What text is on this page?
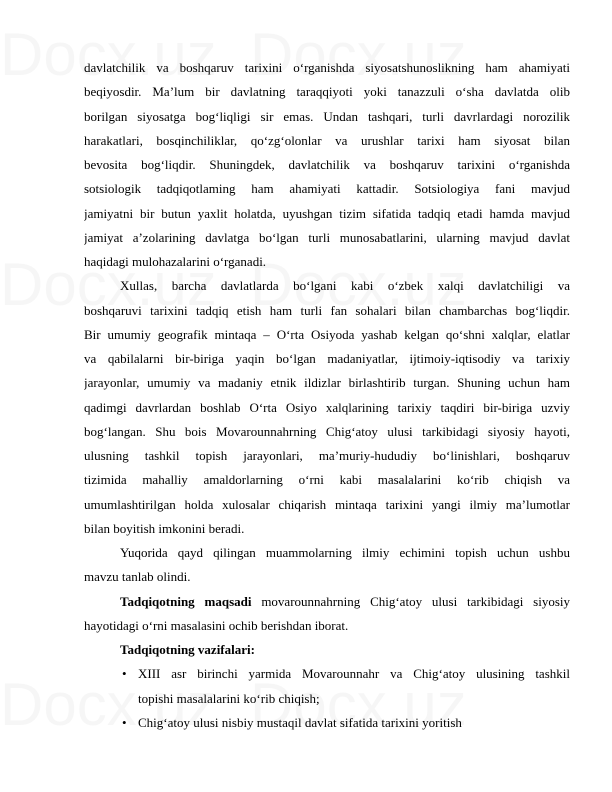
davlatchilik va boshqaruv tarixini o‘rganishda siyosatshunoslikning ham ahamiyati
beqiyosdir. Ma’lum bir davlatning taraqqiyoti yoki tanazzuli o‘sha davlatda olib
borilgan siyosatga bog‘liqligi sir emas. Undan tashqari, turli davrlardagi norozilik
harakatlari, bosqinchiliklar, qo‘zg‘olonlar va urushlar tarixi ham siyosat bilan
bevosita bog‘liqdir. Shuningdek, davlatchilik va boshqaruv tarixini o‘rganishda
sotsiologik tadqiqotlaming ham ahamiyati kattadir. Sotsiologiya fani mavjud
jamiyatni bir butun yaxlit holatda, uyushgan tizim sifatida tadqiq etadi hamda mavjud
jamiyat a’zolarining davlatga bo‘lgan turli munosabatlarini, ularning mavjud davlat
haqidagi mulohazalarini o‘rganadi.
Xullas, barcha davlatlarda bo‘lgani kabi o‘zbek xalqi davlatchiligi va
boshqaruvi tarixini tadqiq etish ham turli fan sohalari bilan chambarchas bog‘liqdir.
Bir umumiy geografik mintaqa – O‘rta Osiyoda yashab kelgan qo‘shni xalqlar, elatlar
va qabilalarni bir-biriga yaqin bo‘lgan madaniyatlar, ijtimoiy-iqtisodiy va tarixiy
jarayonlar, umumiy va madaniy etnik ildizlar birlashtirib turgan. Shuning uchun ham
qadimgi davrlardan boshlab O‘rta Osiyo xalqlarining tarixiy taqdiri bir-biriga uzviy
bog‘langan. Shu bois Movarounnahrning Chig‘atoy ulusi tarkibidagi siyosiy hayoti,
ulusning tashkil topish jarayonlari, ma’muriy-hududiy bo‘linishlari, boshqaruv
tizimida mahalliy amaldorlarning o‘rni kabi masalalarini ko‘rib chiqish va
umumlashtirilgan holda xulosalar chiqarish mintaqa tarixini yangi ilmiy ma’lumotlar
bilan boyitish imkonini beradi.
Yuqorida qayd qilingan muammolarning ilmiy echimini topish uchun ushbu
mavzu tanlab olindi.
Tadqiqotning maqsadi movarounnahrning Chig‘atoy ulusi tarkibidagi siyosiy
hayotidagi o‘rni masalasini ochib berishdan iborat.
Tadqiqotning vazifalari:
• XIII asr birinchi yarmida Movarounnahr va Chig‘atoy ulusining tashkil
topishi masalalarini ko‘rib chiqish;
• Chig‘atoy ulusi nisbiy mustaqil davlat sifatida tarixini yoritish
